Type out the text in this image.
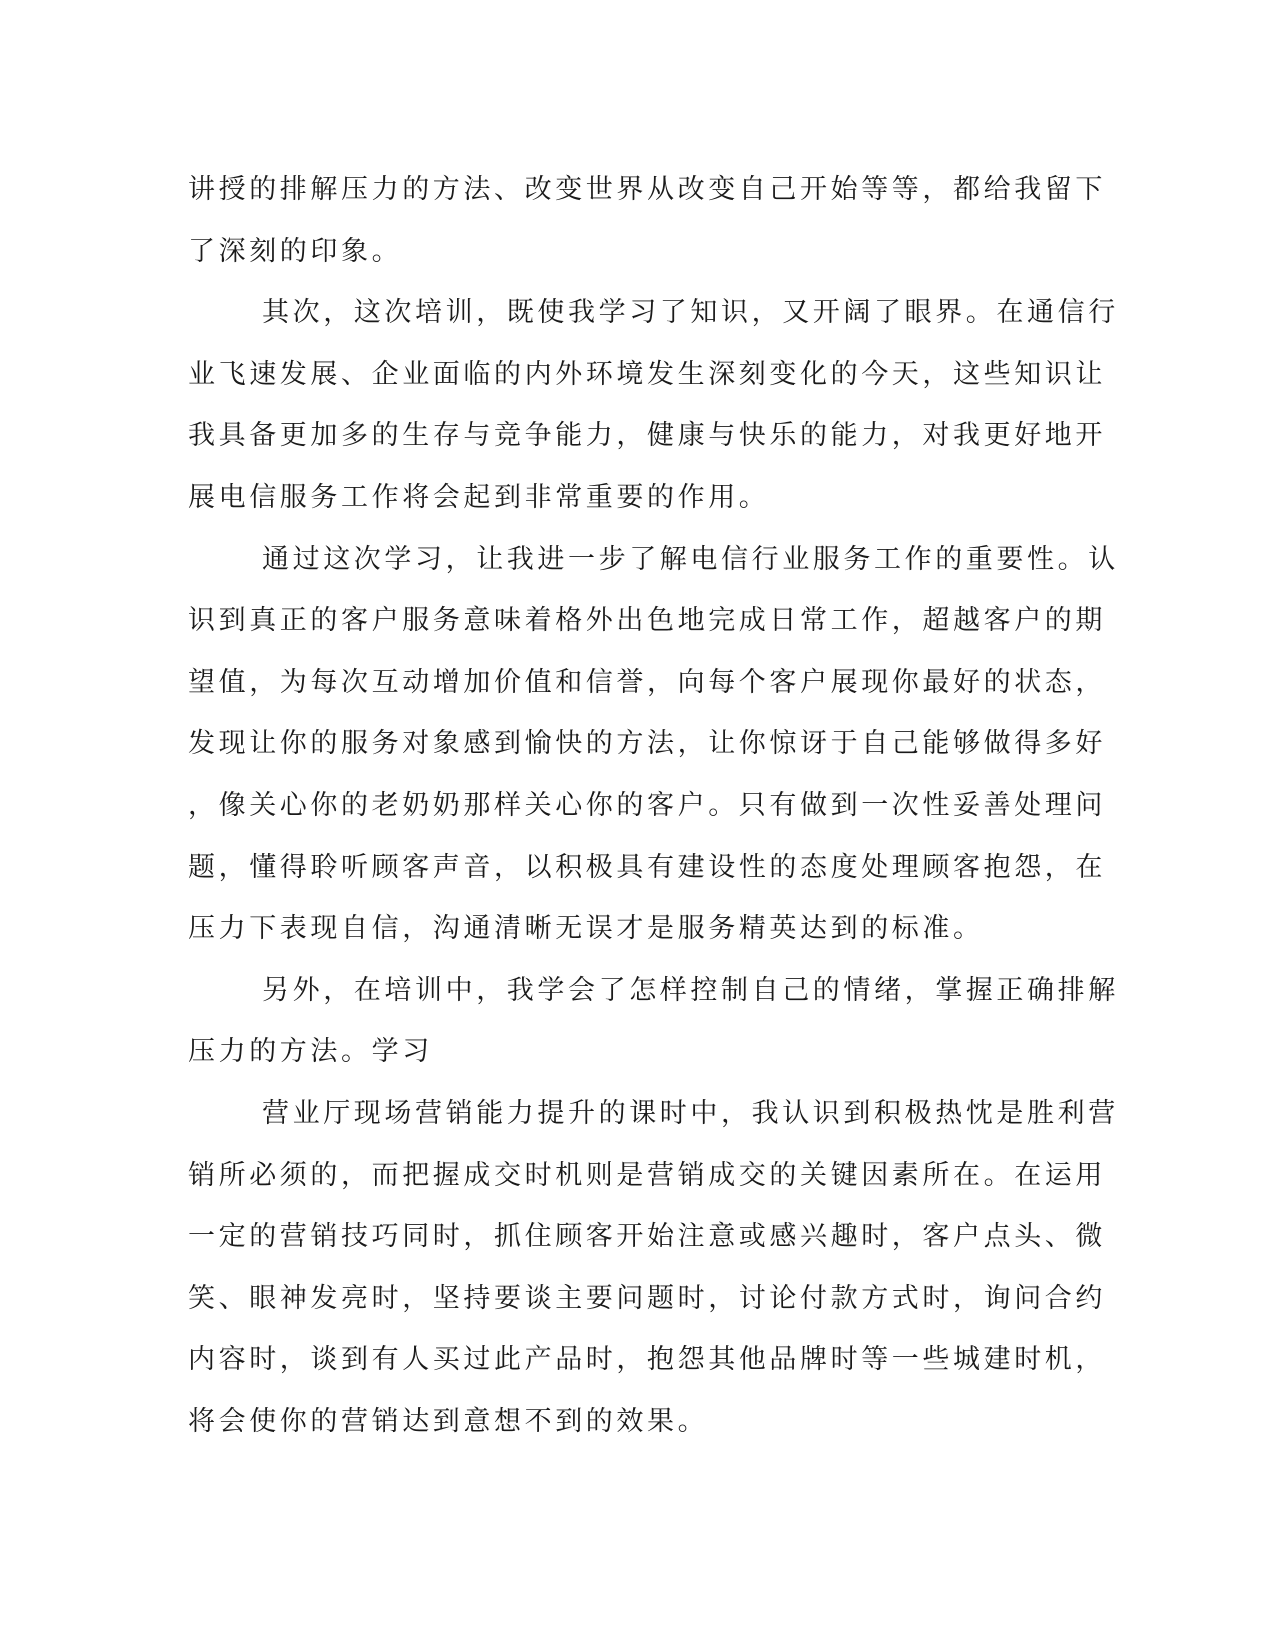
讲授的排解压力的方法、改变世界从改变自己开始等等，都给我留下
了深刻的印象。
其次，这次培训，既使我学习了知识，又开阔了眼界。在通信行
业飞速发展、企业面临的内外环境发生深刻变化的今天，这些知识让
我具备更加多的生存与竞争能力，健康与快乐的能力，对我更好地开
展电信服务工作将会起到非常重要的作用。
通过这次学习，让我进一步了解电信行业服务工作的重要性。认
识到真正的客户服务意味着格外出色地完成日常工作，超越客户的期
望值，为每次互动增加价值和信誉，向每个客户展现你最好的状态，
发现让你的服务对象感到愉快的方法，让你惊讶于自己能够做得多好
，像关心你的老奶奶那样关心你的客户。只有做到一次性妥善处理问
题，懂得聆听顾客声音，以积极具有建设性的态度处理顾客抱怨，在
压力下表现自信，沟通清晰无误才是服务精英达到的标准。
另外，在培训中，我学会了怎样控制自己的情绪，掌握正确排解
压力的方法。学习
营业厅现场营销能力提升的课时中，我认识到积极热忱是胜利营
销所必须的，而把握成交时机则是营销成交的关键因素所在。在运用
一定的营销技巧同时，抓住顾客开始注意或感兴趣时，客户点头、微
笑、眼神发亮时，坚持要谈主要问题时，讨论付款方式时，询问合约
内容时，谈到有人买过此产品时，抱怨其他品牌时等一些城建时机，
将会使你的营销达到意想不到的效果。
